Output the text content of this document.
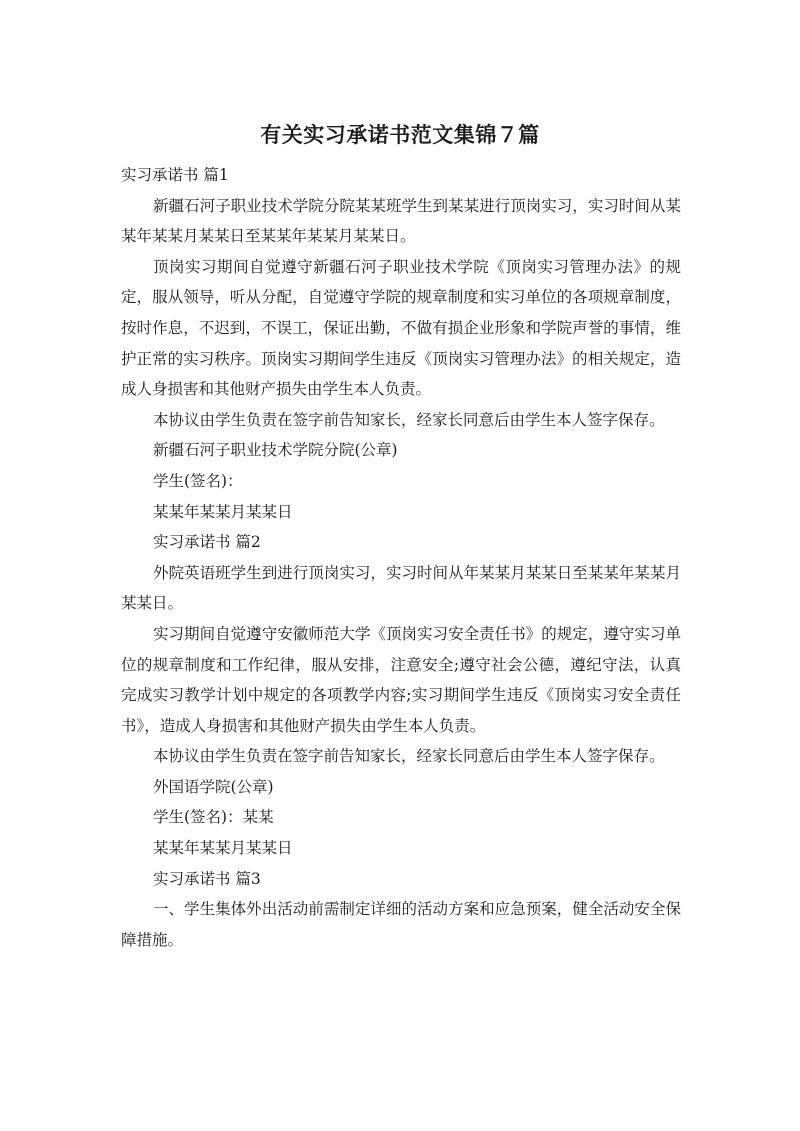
有关实习承诺书范文集锦７篇

实习承诺书 篇1

新疆石河子职业技术学院分院某某班学生到某某进行顶岗实习，实习时间从某某年某某月某某日至某某年某某月某某日。

顶岗实习期间自觉遵守新疆石河子职业技术学院《顶岗实习管理办法》的规定，服从领导，听从分配，自觉遵守学院的规章制度和实习单位的各项规章制度，按时作息，不迟到，不误工，保证出勤，不做有损企业形象和学院声誉的事情，维护正常的实习秩序。顶岗实习期间学生违反《顶岗实习管理办法》的相关规定，造成人身损害和其他财产损失由学生本人负责。

本协议由学生负责在签字前告知家长，经家长同意后由学生本人签字保存。

新疆石河子职业技术学院分院(公章)

学生(签名)：

某某年某某月某某日

实习承诺书 篇2

外院英语班学生到进行顶岗实习，实习时间从年某某月某某日至某某年某某月某某日。

实习期间自觉遵守安徽师范大学《顶岗实习安全责任书》的规定，遵守实习单位的规章制度和工作纪律，服从安排，注意安全;遵守社会公德，遵纪守法，认真完成实习教学计划中规定的各项教学内容;实习期间学生违反《顶岗实习安全责任书》，造成人身损害和其他财产损失由学生本人负责。

本协议由学生负责在签字前告知家长，经家长同意后由学生本人签字保存。

外国语学院(公章)

学生(签名)：某某

某某年某某月某某日

实习承诺书 篇3

一、学生集体外出活动前需制定详细的活动方案和应急预案，健全活动安全保障措施。
